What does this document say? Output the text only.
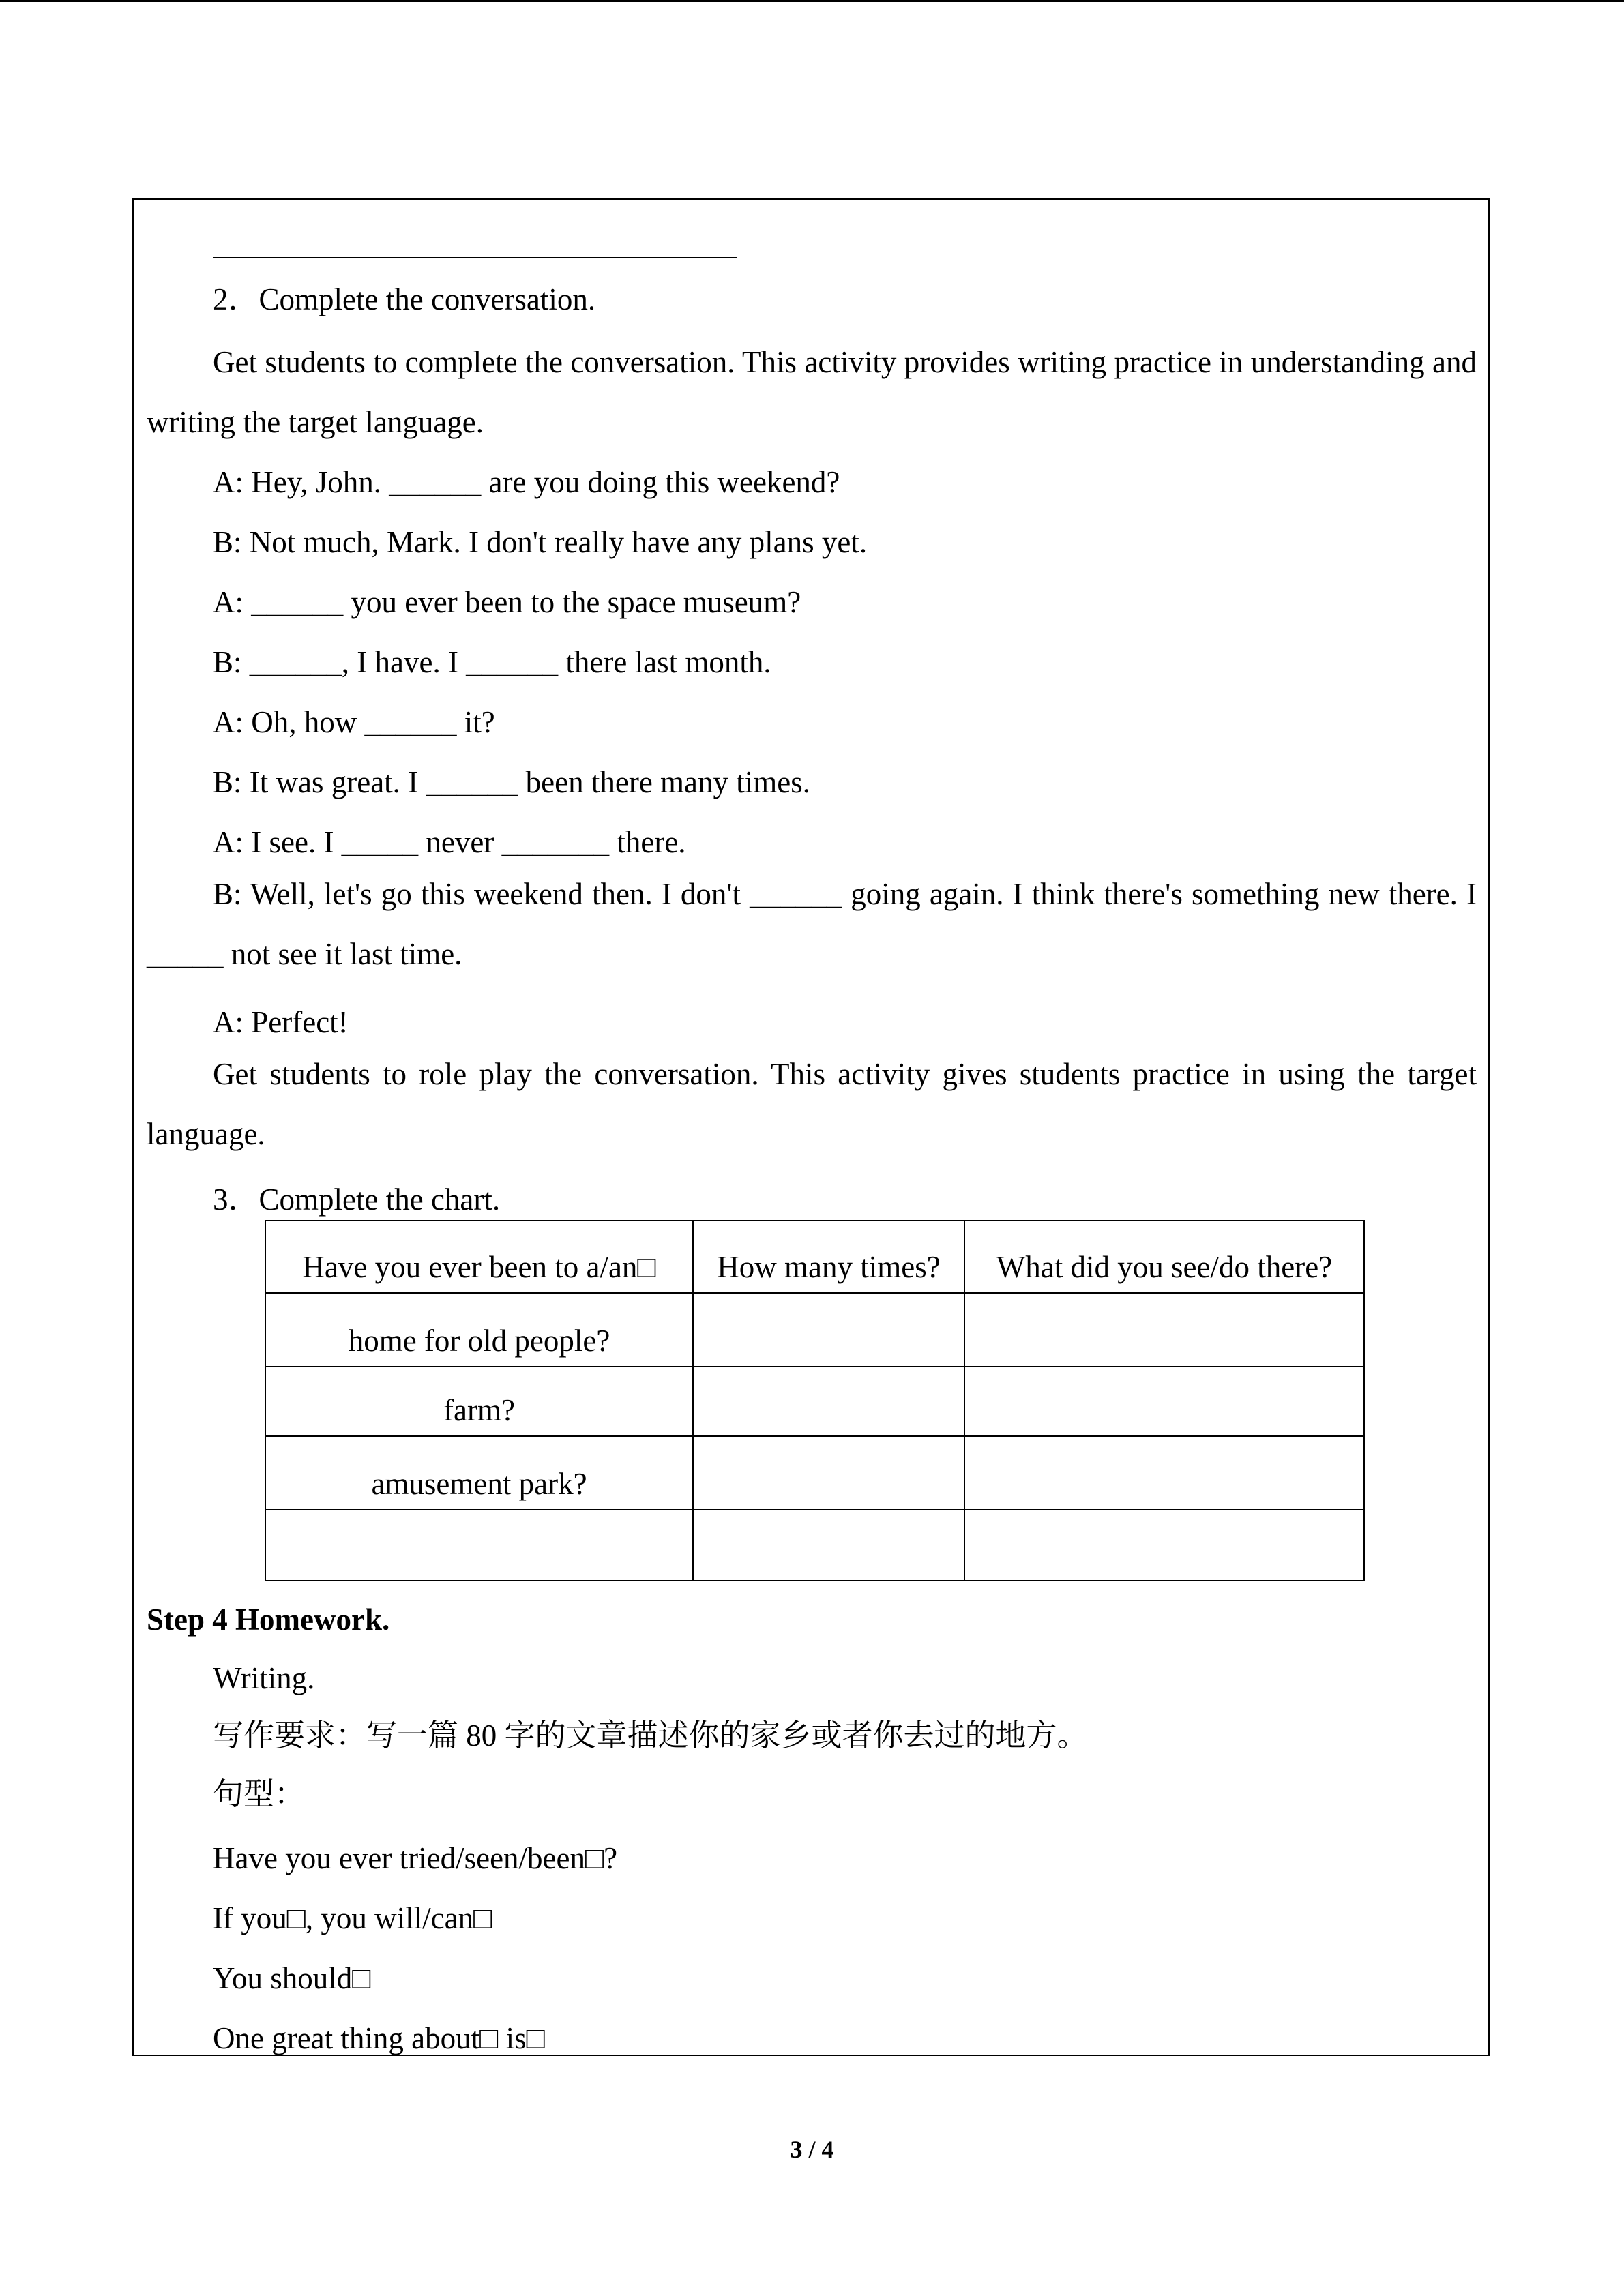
2．Complete the conversation.

Get students to complete the conversation. This activity provides writing practice in understanding and writing the target language.

A: Hey, John. ______ are you doing this weekend?
B: Not much, Mark. I don't really have any plans yet.
A: ______ you ever been to the space museum?
B: ______, I have. I ______ there last month.
A: Oh, how ______ it?
B: It was great. I ______ been there many times.
A: I see. I _____ never _______ there.

B: Well, let's go this weekend then. I don't ______ going again. I think there's something new there. I _____ not see it last time.

A: Perfect!

Get students to role play the conversation. This activity gives students practice in using the target language.

3．Complete the chart.
Have you ever been to a/an□	How many times?	What did you see/do there?
home for old people?		
farm?		
amusement park?		

Step 4 Homework.
Writing.
写作要求：写一篇 80 字的文章描述你的家乡或者你去过的地方。
句型：
Have you ever tried/seen/been□?
If you□, you will/can□
You should□
One great thing about□ is□
3 / 4
